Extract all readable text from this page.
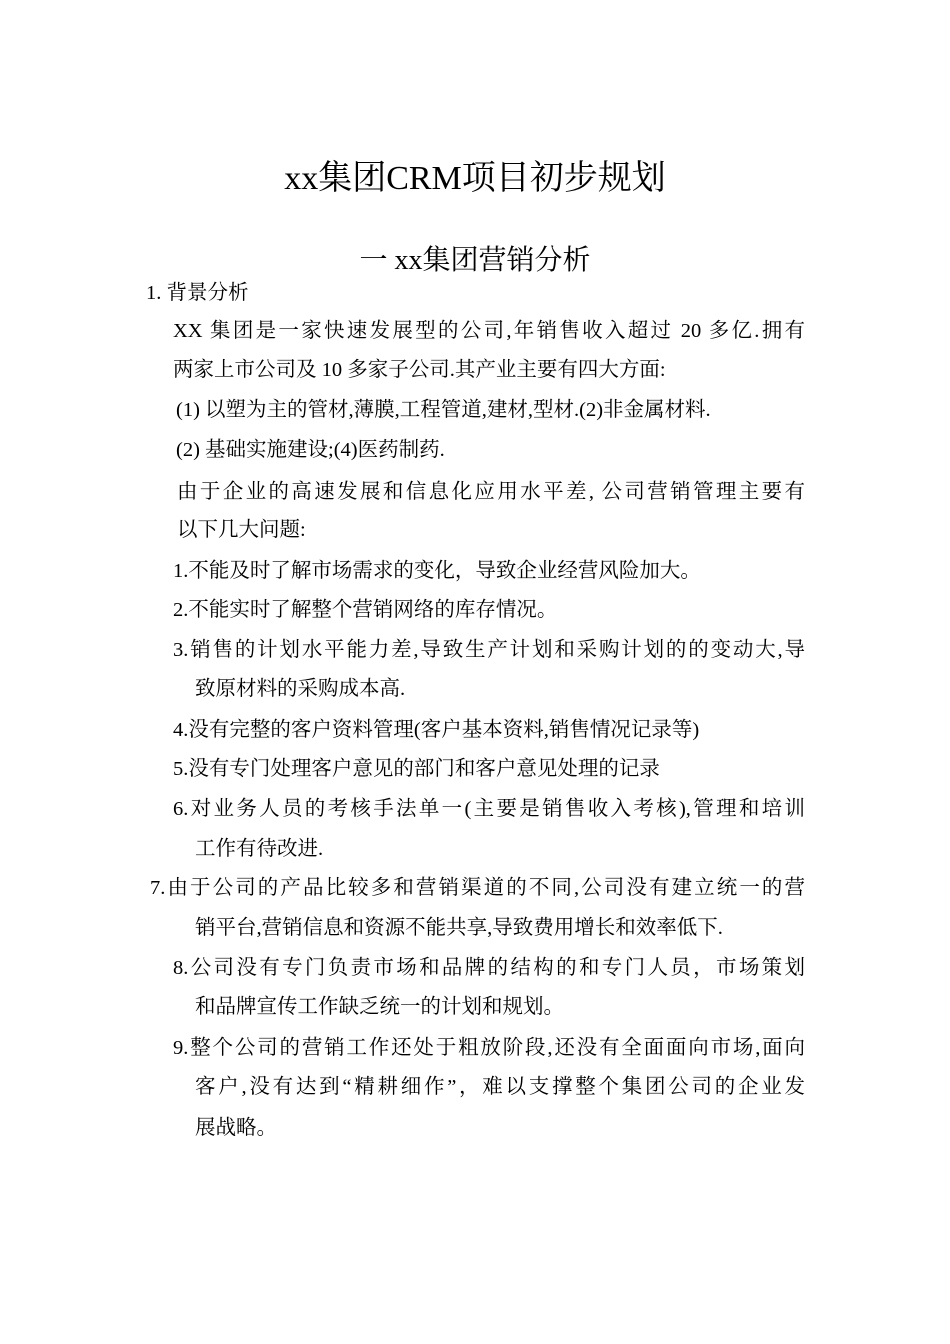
xx集团CRM项目初步规划
一 xx集团营销分析
1. 背景分析
XX 集团是一家快速发展型的公司,年销售收入超过 20 多亿.拥有
两家上市公司及 10 多家子公司.其产业主要有四大方面:
(1) 以塑为主的管材,薄膜,工程管道,建材,型材.(2)非金属材料.
(2) 基础实施建设;(4)医药制药.
由于企业的高速发展和信息化应用水平差, 公司营销管理主要有
以下几大问题:
1.不能及时了解市场需求的变化，导致企业经营风险加大。
2.不能实时了解整个营销网络的库存情况。
3.销售的计划水平能力差,导致生产计划和采购计划的的变动大,导
致原材料的采购成本高.
4.没有完整的客户资料管理(客户基本资料,销售情况记录等)
5.没有专门处理客户意见的部门和客户意见处理的记录
6.对业务人员的考核手法单一(主要是销售收入考核),管理和培训
工作有待改进.
7.由于公司的产品比较多和营销渠道的不同,公司没有建立统一的营
销平台,营销信息和资源不能共享,导致费用增长和效率低下.
8.公司没有专门负责市场和品牌的结构的和专门人员，市场策划
和品牌宣传工作缺乏统一的计划和规划。
9.整个公司的营销工作还处于粗放阶段,还没有全面面向市场,面向
客户,没有达到“精耕细作”，难以支撑整个集团公司的企业发
展战略。
